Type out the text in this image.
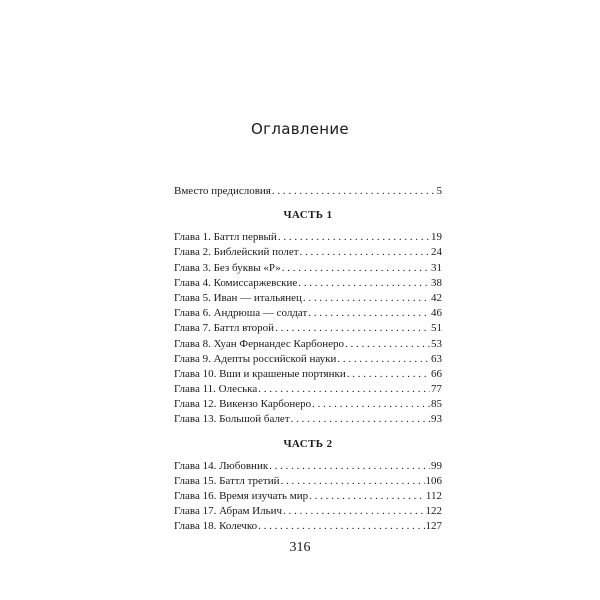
Оглавление
Вместо предисловия . . .	5
ЧАСТЬ 1
Глава 1. Баттл первый . . .	19
Глава 2. Библейский полет . . .	24
Глава 3. Без буквы «Р» . . .	31
Глава 4. Комиссаржевские . . .	38
Глава 5. Иван — итальянец . . .	42
Глава 6. Андрюша — солдат . . .	46
Глава 7. Баттл второй . . .	51
Глава 8. Хуан Фернандес Карбонеро . . .	53
Глава 9. Адепты российской науки . . .	63
Глава 10. Вши и крашеные портянки . . .	66
Глава 11. Олеська . . .	77
Глава 12. Викензо Карбонеро . . .	85
Глава 13. Большой балет . . .	93
ЧАСТЬ 2
Глава 14. Любовник . . .	99
Глава 15. Баттл третий . . .	106
Глава 16. Время изучать мир . . .	112
Глава 17. Абрам Ильич . . .	122
Глава 18. Колечко . . .	127
316
